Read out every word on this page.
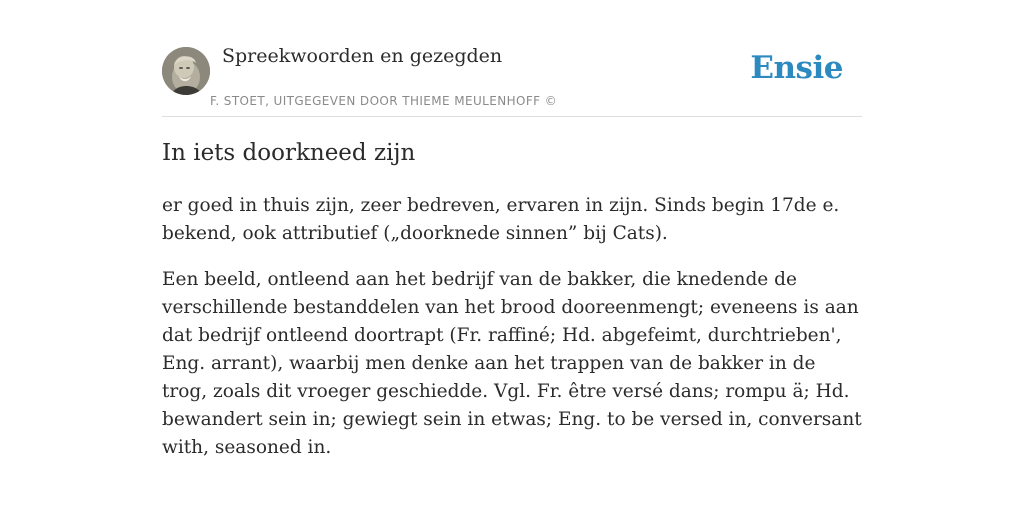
Spreekwoorden en gezegden
F. STOET, UITGEGEVEN DOOR THIEME MEULENHOFF ©
Ensie
In iets doorkneed zijn

er goed in thuis zijn, zeer bedreven, ervaren in zijn. Sinds begin 17de e. bekend, ook attributief („doorknede sinnen” bij Cats).

Een beeld, ontleend aan het bedrijf van de bakker, die knedende de verschillende bestanddelen van het brood dooreenmengt; eveneens is aan dat bedrijf ontleend doortrapt (Fr. raffiné; Hd. abgefeimt, durchtrieben', Eng. arrant), waarbij men denke aan het trappen van de bakker in de trog, zoals dit vroeger geschiedde. Vgl. Fr. être versé dans; rompu ä; Hd. bewandert sein in; gewiegt sein in etwas; Eng. to be versed in, conversant with, seasoned in.
